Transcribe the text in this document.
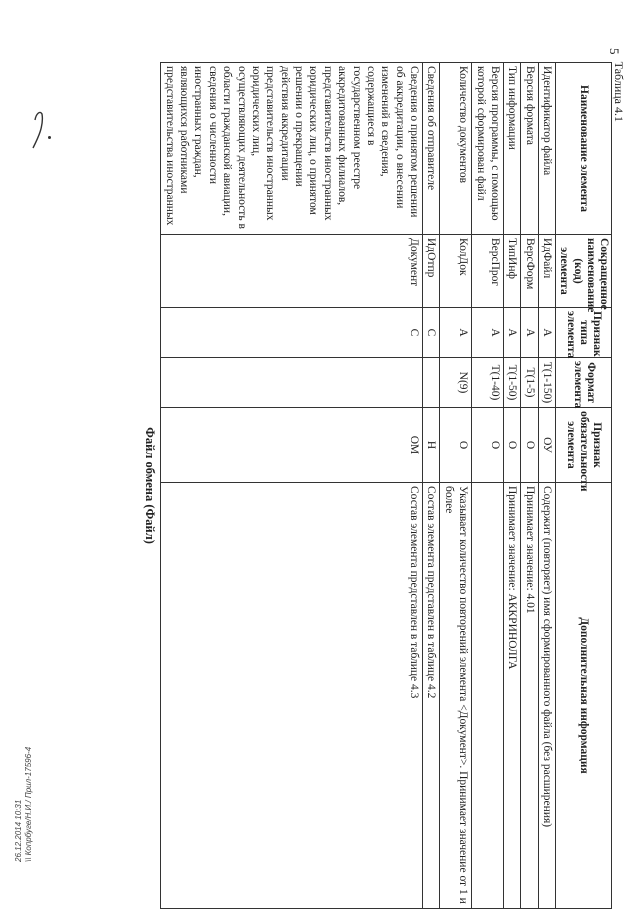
5
Таблица 4.1
Файл обмена (Файл)
Наименование элемента	Сокращенное наименование (код) элемента	Признак типа элемента	Формат элемента	Признак обязательности элемента	Дополнительная информация
Идентификатор файла	ИдФайл	А	T(1-150)	ОУ	Содержит (повторяет) имя сформированного файла (без расширения)
Версия формата	ВерсФорм	А	T(1-5)	О	Принимает значение: 4.01
Тип информации	ТипИнф	А	T(1-50)	О	Принимает значение: АККРИНОЛГА
Версия программы, с помощью которой сформирован файл	ВерсПрог	А	T(1-40)	О	
Количество документов	КолДок	А	N(9)	О	Указывает количество повторений элемента <Документ>. Принимает значение от 1 и более
Сведения об отправителе	ИдОтпр	С		Н	Состав элемента представлен в таблице 4.2
Сведения о принятом решении об аккредитации, о внесении изменений в сведения, содержащиеся в государственном реестре аккредитованных филиалов, представительств иностранных юридических лиц, о принятом решении о прекращении действия аккредитации представительств иностранных юридических лиц, осуществляющих деятельность в области гражданской авиации, сведения о численности иностранных граждан, являющихся работниками представительства иностранных	Документ	С		ОМ	Состав элемента представлен в таблице 4.3
26.12.2014 10:31 \\ Копрбуге/Н.И./ Прил-17596-4
